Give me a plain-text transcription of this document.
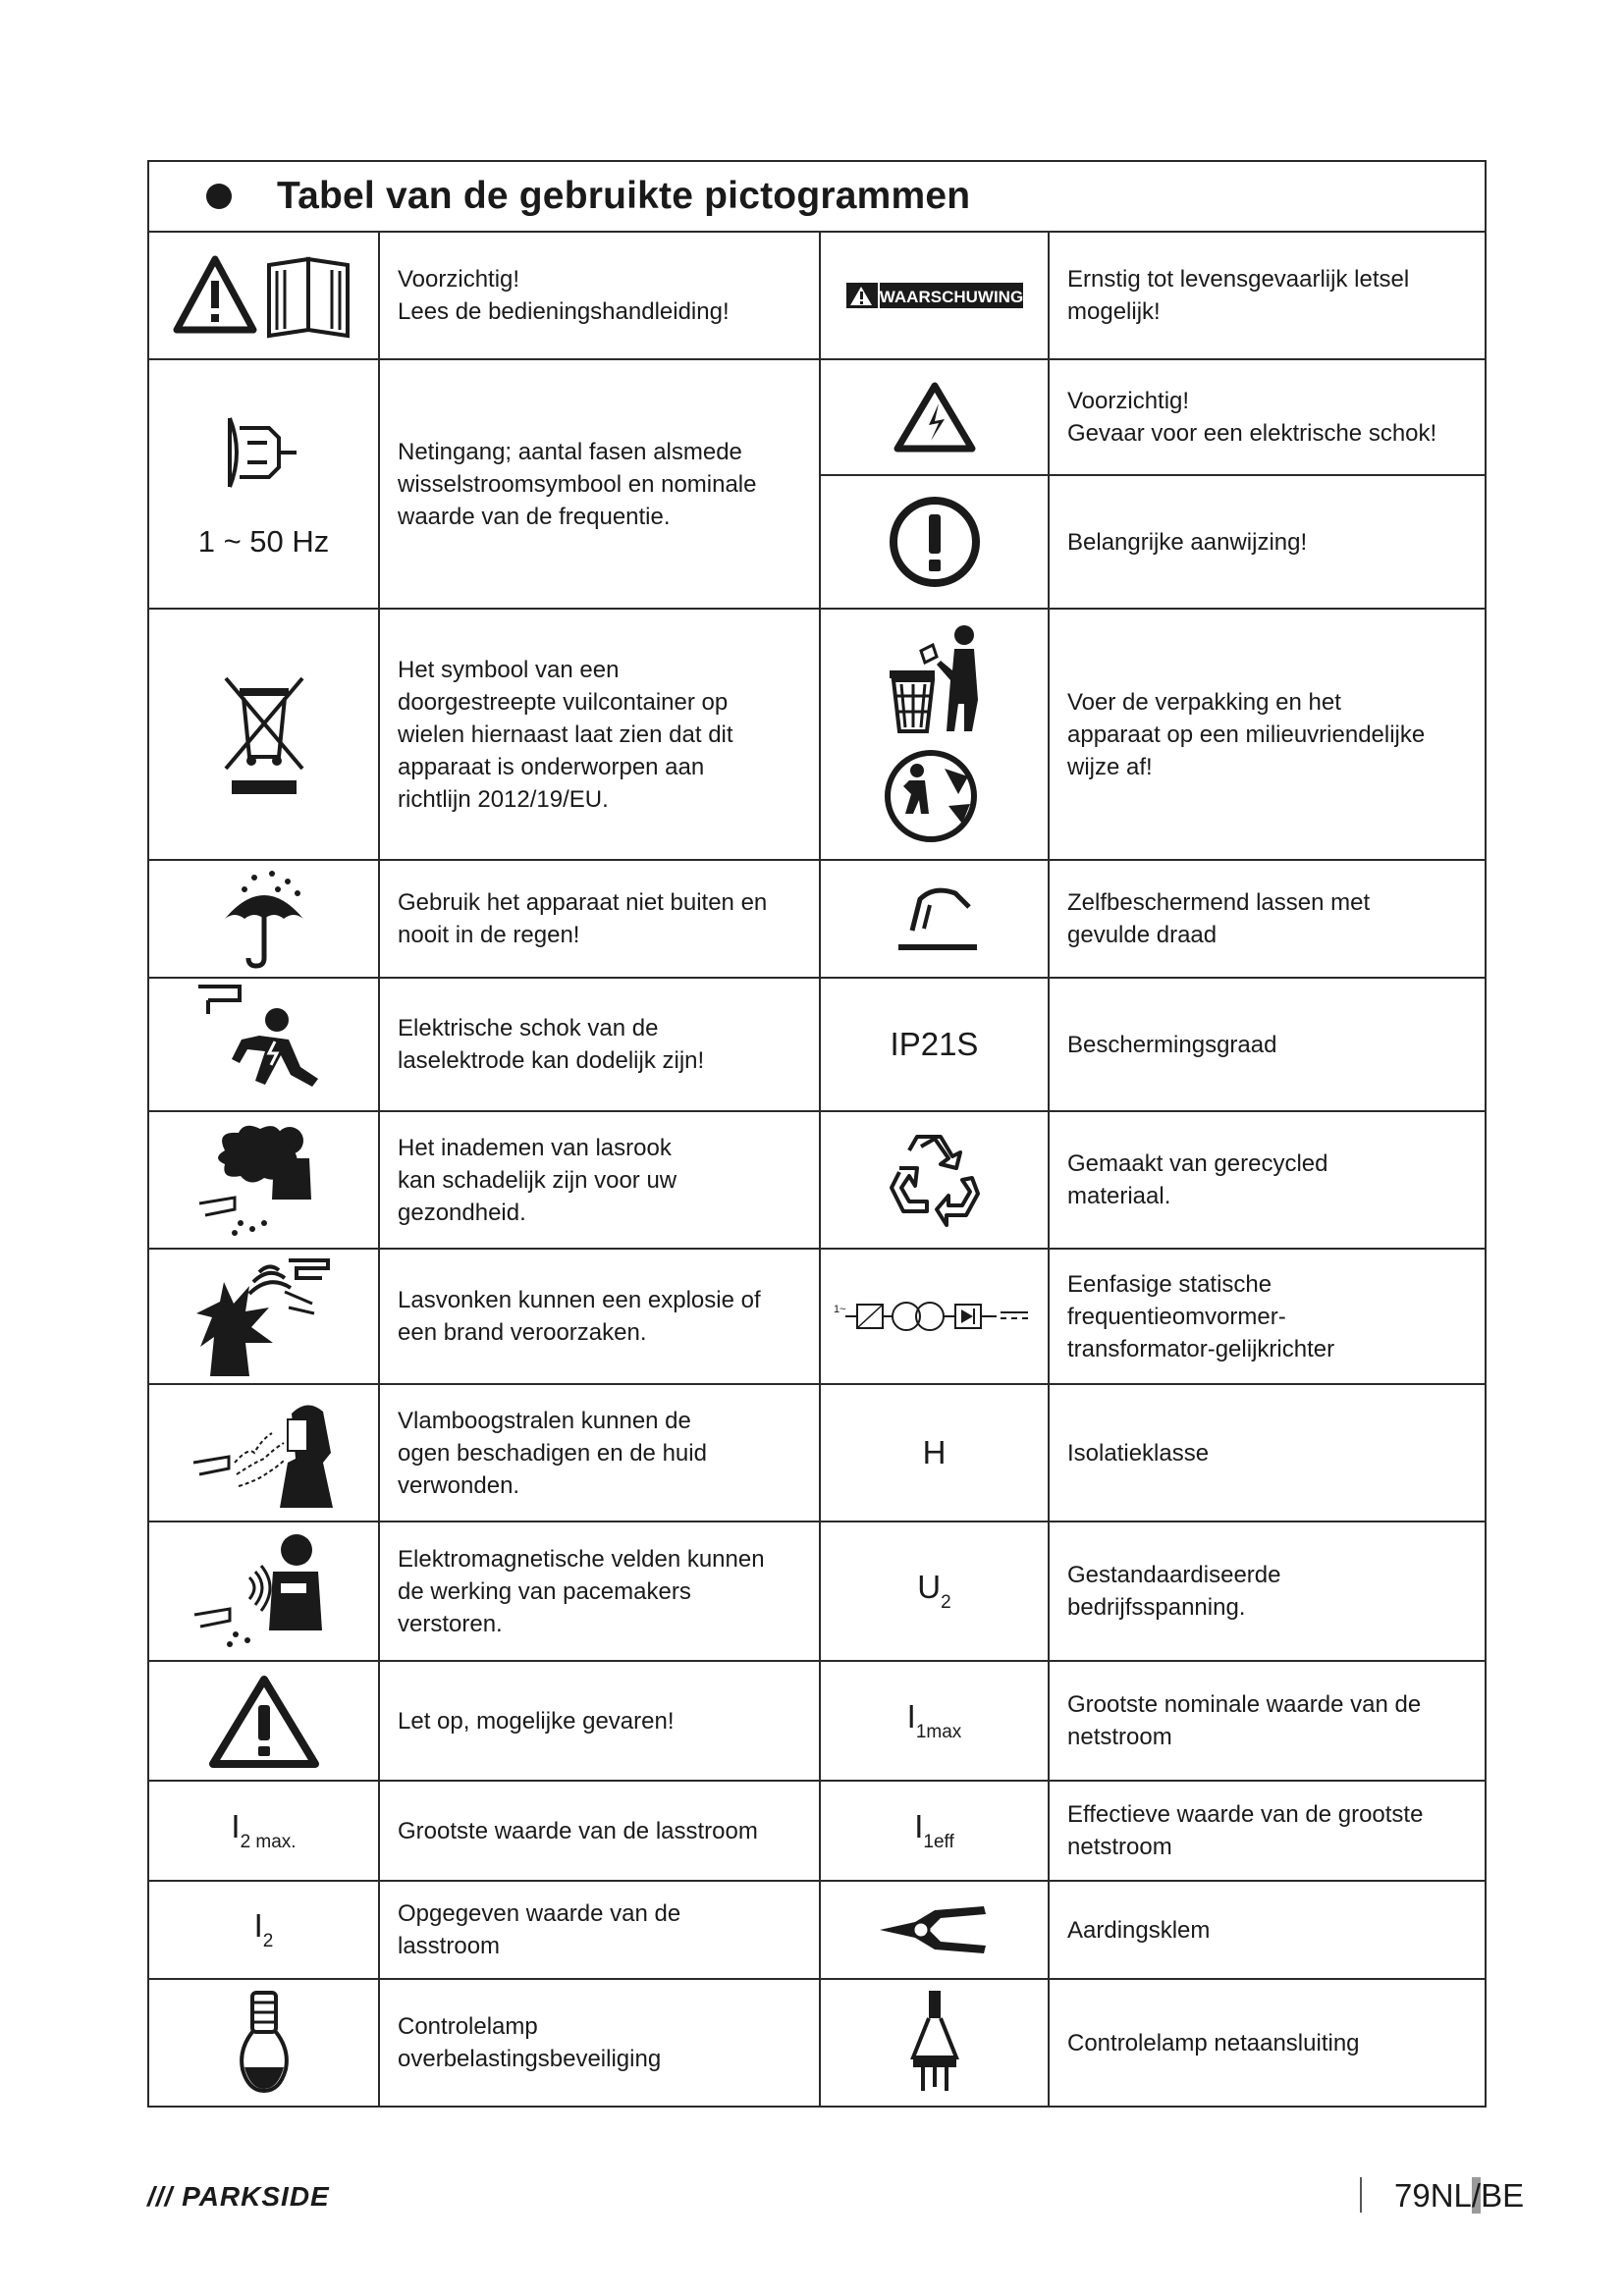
Tabel van de gebruikte pictogrammen			

Voorzichtig!
Lees de bedieningshandleiding!	WAARSCHUWING	Ernstig tot levensgevaarlijk letsel
mogelijk!

1 ~ 50 Hz	Netingang; aantal fasen alsmede
wisselstroomsymbool en nominale
waarde van de frequentie.		Voorzichtig!
Gevaar voor een elektrische schok!

Belangrijke aanwijzing!

Het symbool van een
doorgestreepte vuilcontainer op
wielen hiernaast laat zien dat dit
apparaat is onderworpen aan
richtlijn 2012/19/EU.		Voer de verpakking en het
apparaat op een milieuvriendelijke
wijze af!

Gebruik het apparaat niet buiten en
nooit in de regen!		Zelfbeschermend lassen met
gevulde draad

Elektrische schok van de
laselektrode kan dodelijk zijn!	IP21S	Beschermingsgraad

Het inademen van lasrook
kan schadelijk zijn voor uw
gezondheid.		Gemaakt van gerecycled
materiaal.

Lasvonken kunnen een explosie of
een brand veroorzaken.	1~	Eenfasige statische
frequentieomvormer-
transformator-gelijkrichter

Vlamboogstralen kunnen de
ogen beschadigen en de huid
verwonden.	H	Isolatieklasse

Elektromagnetische velden kunnen
de werking van pacemakers
verstoren.	$U_2$	Gestandaardiseerde
bedrijfsspanning.

Let op, mogelijke gevaren!	$I_{1max}$	Grootste nominale waarde van de
netstroom

$I_{2 max.}$	Grootste waarde van de lasstroom	$I_{1eff}$	Effectieve waarde van de grootste
netstroom

$I_2$	Opgegeven waarde van de
lasstroom		Aardingsklem

Controlelamp
overbelastingsbeveiliging		Controlelamp netaansluiting
/// PARKSIDE	79NL/BE
